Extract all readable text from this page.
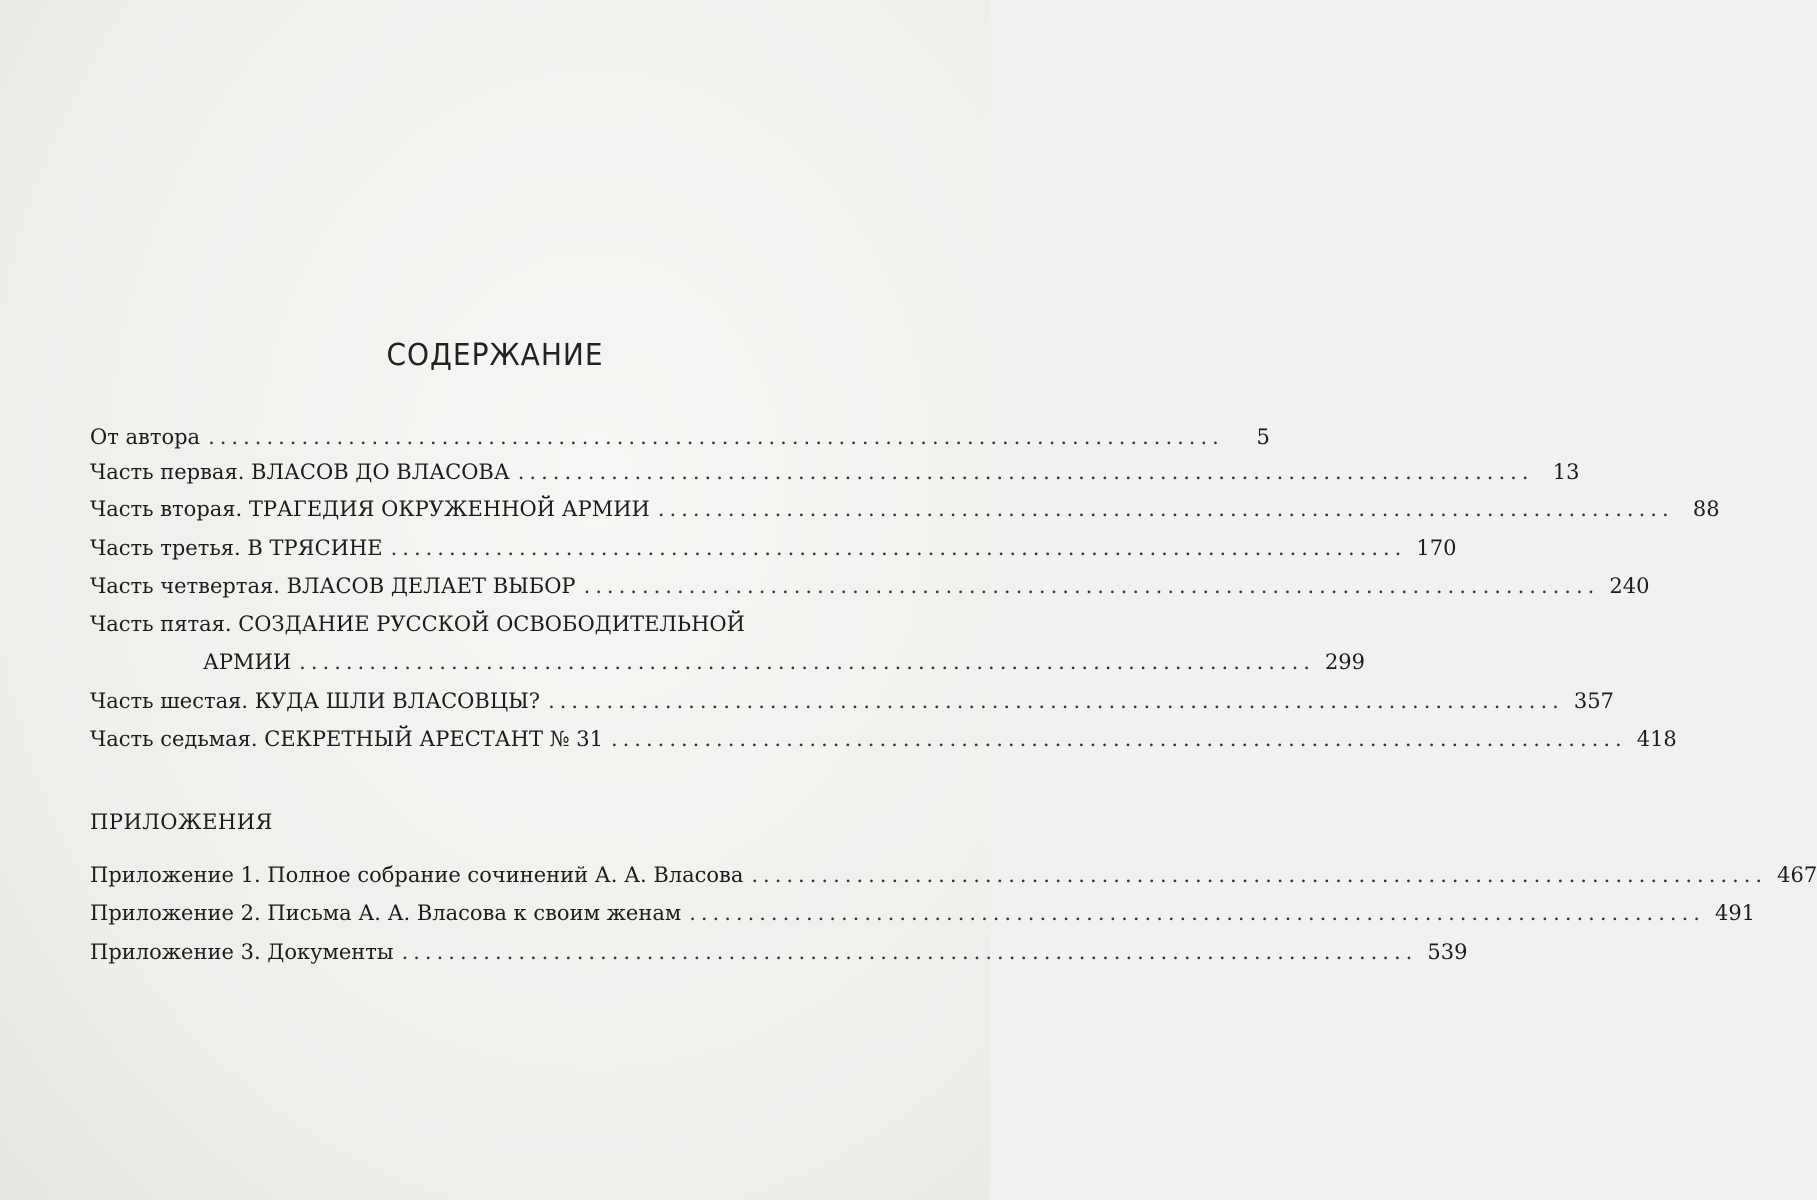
СОДЕРЖАНИЕ
От автора .......................................................................................	5
Часть первая. ВЛАСОВ ДО ВЛАСОВА ....................................................................................... 13
Часть вторая. ТРАГЕДИЯ ОКРУЖЕННОЙ АРМИИ ....................................................................................... 88
Часть третья. В ТРЯСИНЕ ....................................................................................... 170
Часть четвертая. ВЛАСОВ ДЕЛАЕТ ВЫБОР ....................................................................................... 240
Часть пятая. СОЗДАНИЕ РУССКОЙ ОСВОБОДИТЕЛЬНОЙ
АРМИИ ....................................................................................... 299
Часть шестая. КУДА ШЛИ ВЛАСОВЦЫ? ....................................................................................... 357
Часть седьмая. СЕКРЕТНЫЙ АРЕСТАНТ № 31 ....................................................................................... 418
Приложение 1. Полное собрание сочинений А. А. Власова ....................................................................................... 467
Приложение 2. Письма А. А. Власова к своим женам ....................................................................................... 491
Приложение 3. Документы ....................................................................................... 539
ПРИЛОЖЕНИЯ
